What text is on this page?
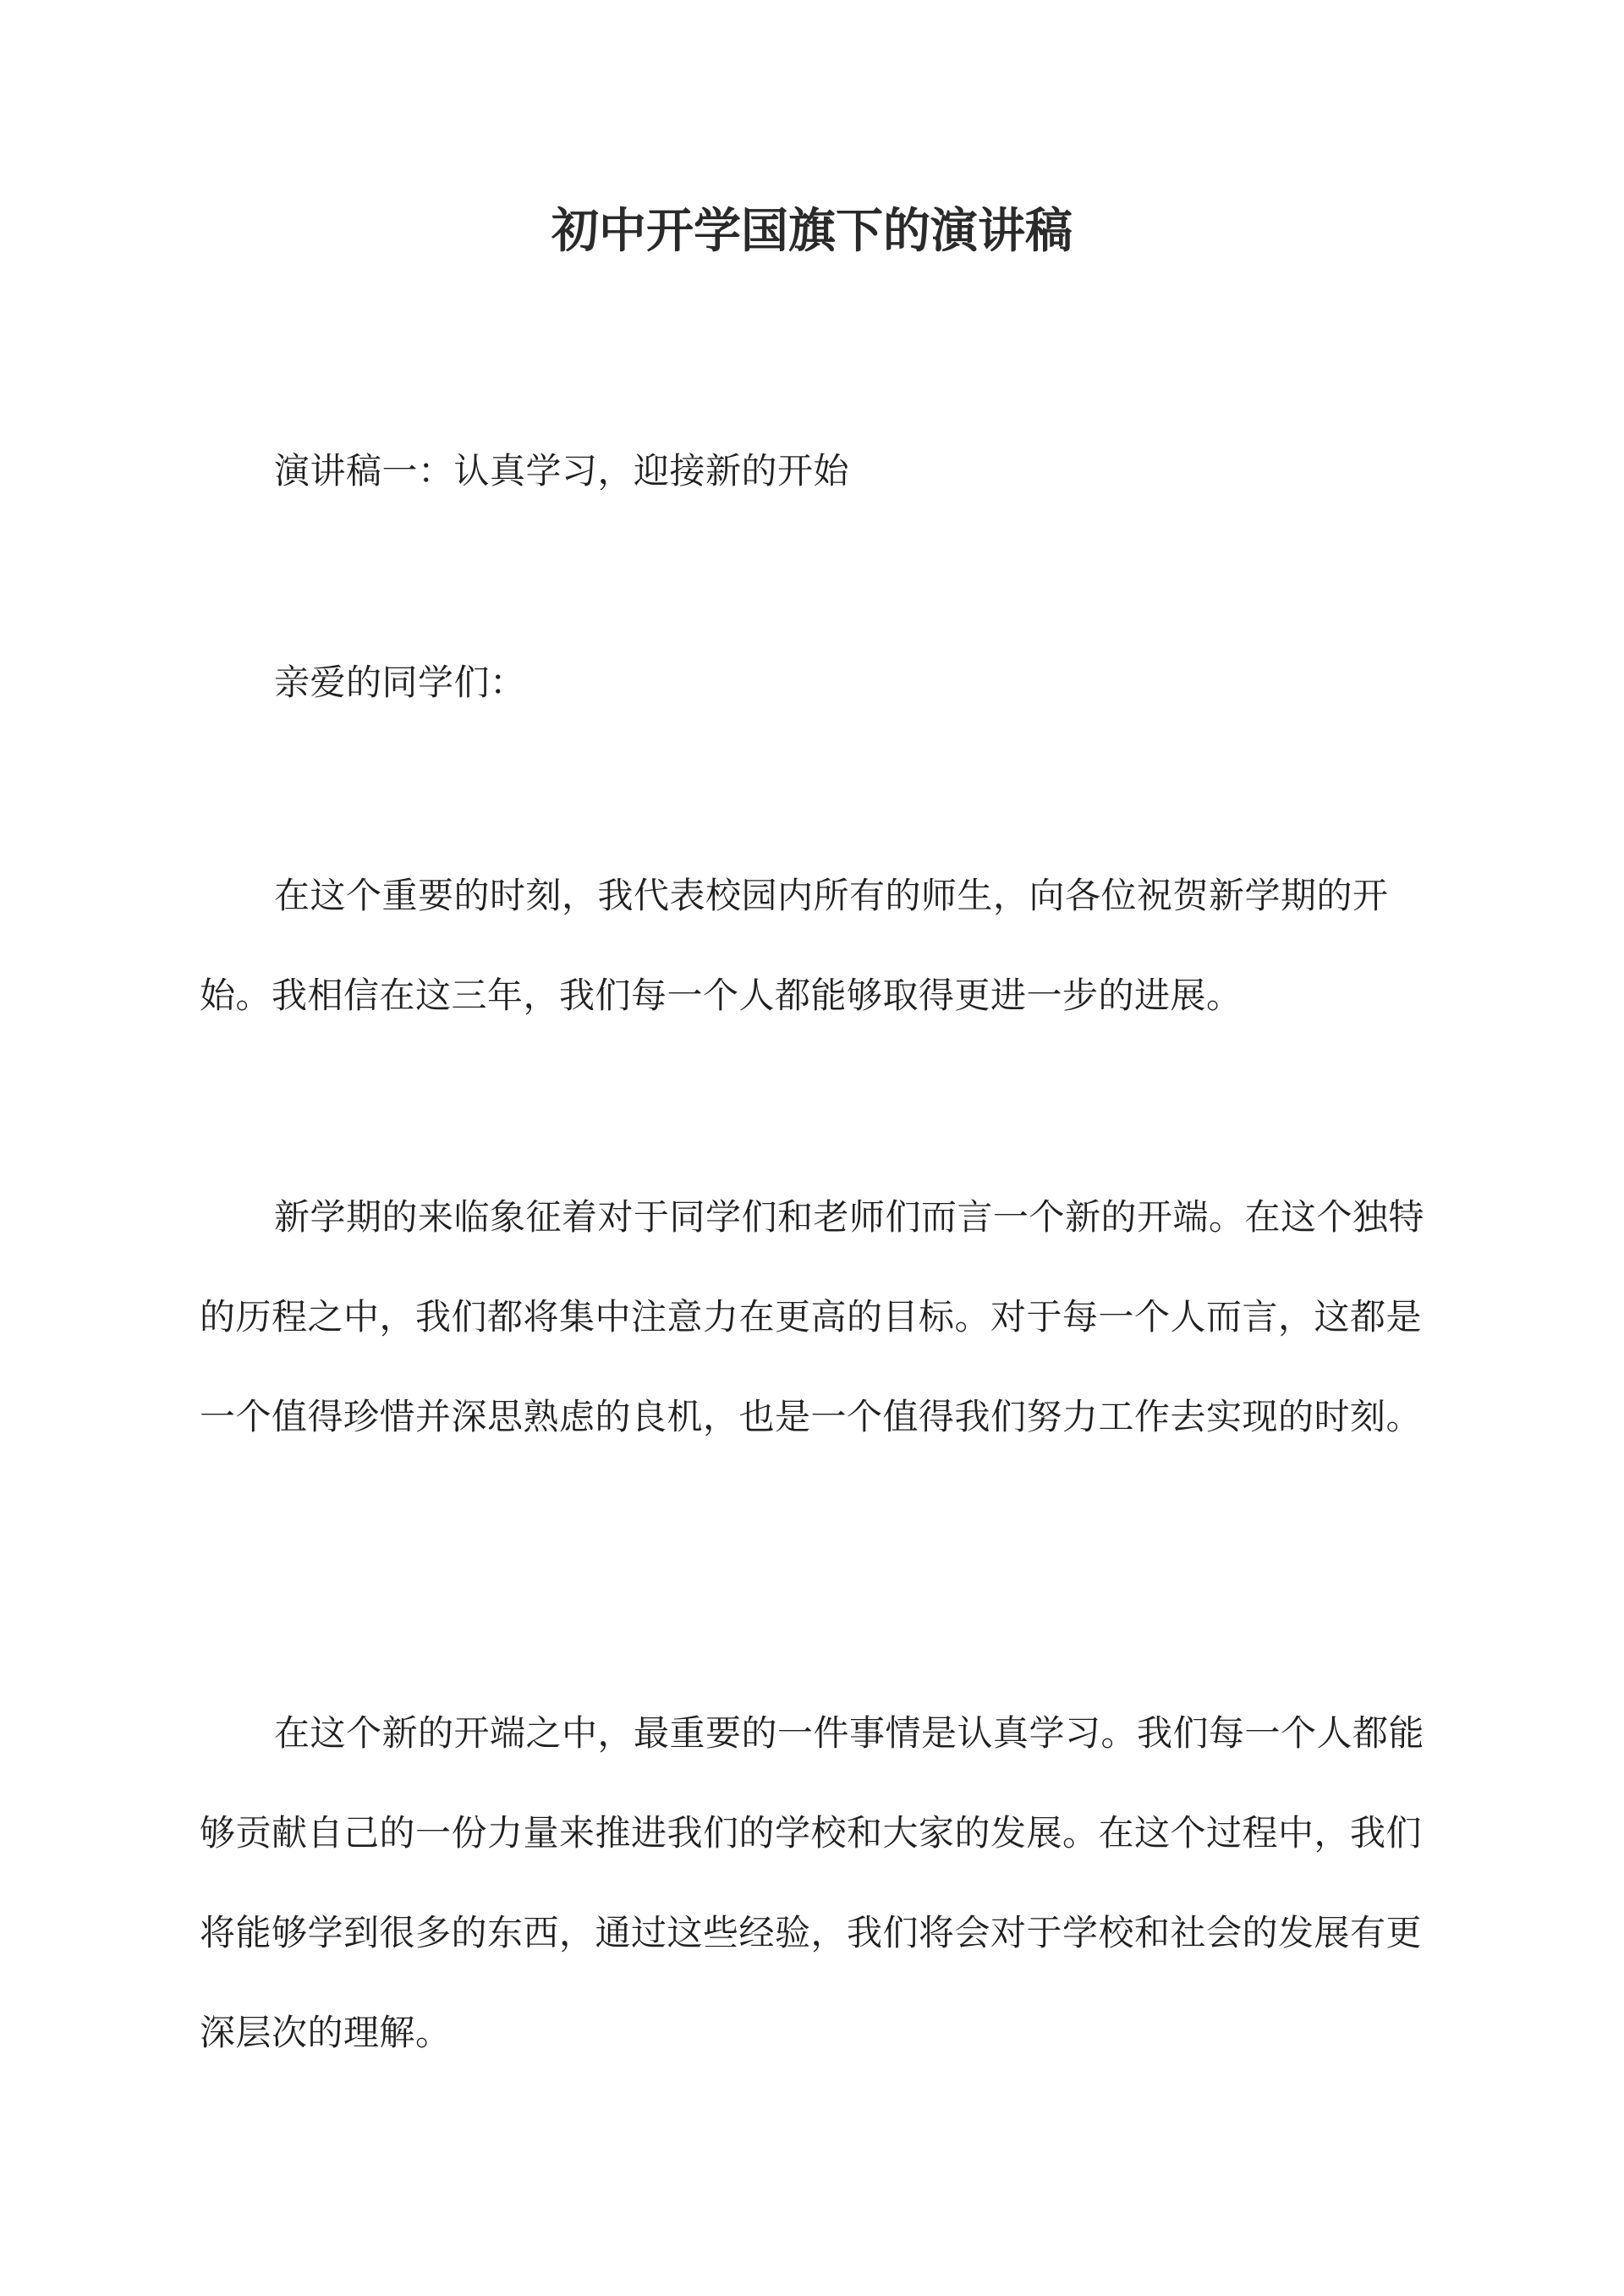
初中开学国旗下的演讲稿
演讲稿一：认真学习，迎接新的开始
亲爱的同学们：
在这个重要的时刻，我代表校园内所有的师生，向各位祝贺新学期的开始。我相信在这三年，我们每一个人都能够取得更进一步的进展。
新学期的来临象征着对于同学们和老师们而言一个新的开端。在这个独特的历程之中，我们都将集中注意力在更高的目标。对于每一个人而言，这都是一个值得珍惜并深思熟虑的良机，也是一个值得我们努力工作去实现的时刻。
在这个新的开端之中，最重要的一件事情是认真学习。我们每一个人都能够贡献自己的一份力量来推进我们的学校和大家的发展。在这个过程中，我们将能够学到很多的东西，通过这些经验，我们将会对于学校和社会的发展有更深层次的理解。
